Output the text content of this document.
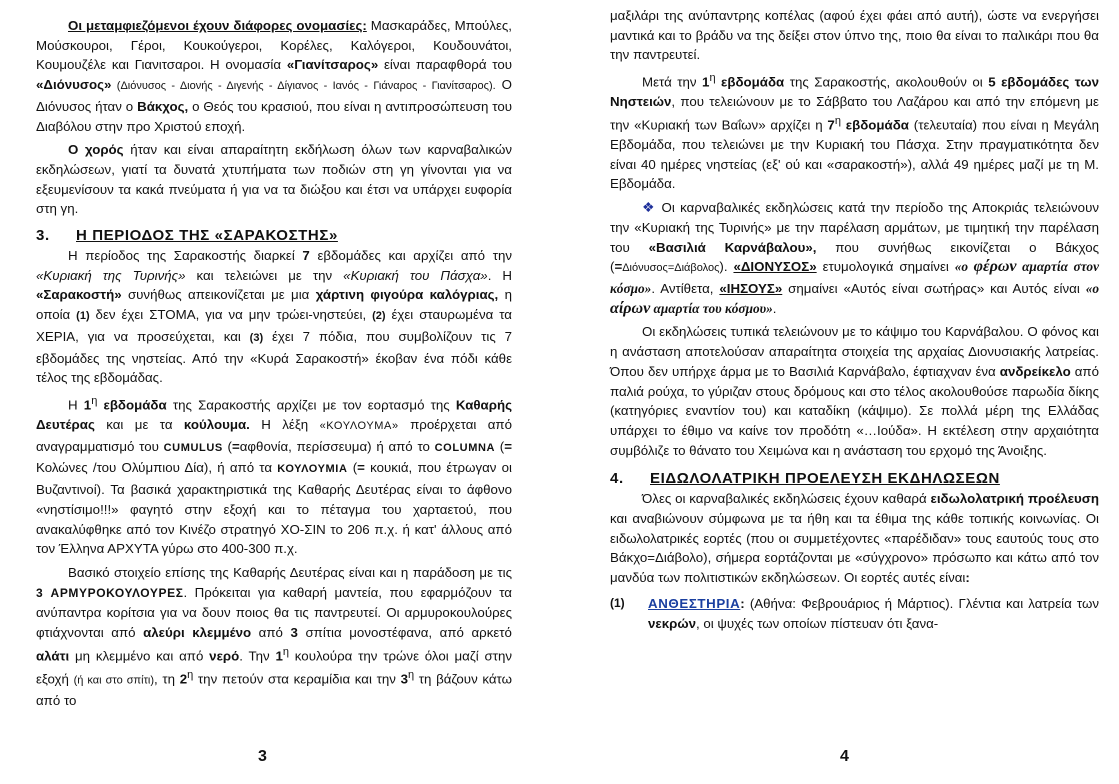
Οι μεταμφιεζόμενοι έχουν διάφορες ονομασίες: Μασκαράδες, Μπούλες, Μούσκουροι, Γέροι, Κουκούγεροι, Κορέλες, Καλόγεροι, Κουδουνάτοι, Κουμουζέλε και Γιανιτσαροι. Η ονομασία «Γιανίτσαρος» είναι παραφθορά του «Διόνυσος» (Διόνυσος - Διονής - Διγενής - Δίγιανος - Ιανός - Γιάναρος - Γιανίτσαρος). Ο Διόνυσος ήταν ο Βάκχος, ο Θεός του κρασιού, που είναι η αντιπροσώπευση του Διαβόλου στην προ Χριστού εποχή.

Ο χορός ήταν και είναι απαραίτητη εκδήλωση όλων των καρναβαλικών εκδηλώσεων, γιατί τα δυνατά χτυπήματα των ποδιών στη γη γίνονται για να εξευμενίσουν τα κακά πνεύματα ή για να τα διώξου και έτσι να υπάρχει ευφορία στη γη.

3. Η ΠΕΡΙΟΔΟΣ ΤΗΣ «ΣΑΡΑΚΟΣΤΗΣ»

Η περίοδος της Σαρακοστής διαρκεί 7 εβδομάδες και αρχίζει από την «Κυριακή της Τυρινής» και τελειώνει με την «Κυριακή του Πάσχα». Η «Σαρακοστή» συνήθως απεικονίζεται με μια χάρτινη φιγούρα καλόγριας, η οποία (1) δεν έχει ΣΤΟΜΑ, για να μην τρώει-νηστεύει, (2) έχει σταυρωμένα τα ΧΕΡΙΑ, για να προσεύχεται, και (3) έχει 7 πόδια, που συμβολίζουν τις 7 εβδομάδες της νηστείας. Από την «Κυρά Σαρακοστή» έκοβαν ένα πόδι κάθε τέλος της εβδομάδας.

Η $1^\eta$ εβδομάδα της Σαρακοστής αρχίζει με τον εορτασμό της Καθαρής Δευτέρας και με τα κούλουμα. Η λέξη «ΚΟΥΛΟΥΜΑ» προέρχεται από αναγραμματισμό του CUMULUS (=αφθονία, περίσσευμα) ή από το COLUMNA (= Κολώνες /του Ολύμπιου Δία), ή από τα ΚΟΥΛΟΥΜΙΑ (= κουκιά, που έτρωγαν οι Βυζαντινοί). Τα βασικά χαρακτηριστικά της Καθαρής Δευτέρας είναι το άφθονο «νηστίσιμο!!!» φαγητό στην εξοχή και το πέταγμα του χαρταετού, που ανακαλύφθηκε από τον Κινέζο στρατηγό ΧΟ-ΣΙΝ το 206 π.χ. ή κατ' άλλους από τον Έλληνα ΑΡΧΥΤΑ γύρω στο 400-300 π.χ.

Βασικό στοιχείο επίσης της Καθαρής Δευτέρας είναι και η παράδοση με τις 3 ΑΡΜΥΡΟΚΟΥΛΟΥΡΕΣ. Πρόκειται για καθαρή μαντεία, που εφαρμόζουν τα ανύπαντρα κορίτσια για να δουν ποιος θα τις παντρευτεί. Οι αρμυροκουλούρες φτιάχνονται από αλεύρι κλεμμένο από 3 σπίτια μονοστέφανα, από αρκετό αλάτι μη κλεμμένο και από νερό. Την $1^\eta$ κουλούρα την τρώνε όλοι μαζί στην εξοχή (ή και στο σπίτι), τη $2^\eta$ την πετούν στα κεραμίδια και την $3^\eta$ τη βάζουν κάτω από το

3

μαξιλάρι της ανύπαντρης κοπέλας (αφού έχει φάει από αυτή), ώστε να ενεργήσει μαντικά και το βράδυ να της δείξει στον ύπνο της, ποιο θα είναι το παλικάρι που θα την παντρευτεί.

Μετά την $1^\eta$ εβδομάδα της Σαρακοστής, ακολουθούν οι 5 εβδομάδες των Νηστειών, που τελειώνουν με το Σάββατο του Λαζάρου και από την επόμενη με την «Κυριακή των Βαΐων» αρχίζει η $7^\eta$ εβδομάδα (τελευταία) που είναι η Μεγάλη Εβδομάδα, που τελειώνει με την Κυριακή του Πάσχα. Στην πραγματικότητα δεν είναι 40 ημέρες νηστείας (εξ' ού και «σαρακοστή»), αλλά 49 ημέρες μαζί με τη Μ. Εβδομάδα.

❖ Οι καρναβαλικές εκδηλώσεις κατά την περίοδο της Αποκριάς τελειώνουν την «Κυριακή της Τυρινής» με την παρέλαση αρμάτων, με τιμητική την παρέλαση του «Βασιλιά Καρνάβαλου», που συνήθως εικονίζεται ο Βάκχος (=Διόνυσος=Διάβολος). «ΔΙΟΝΥΣΟΣ» ετυμολογικά σημαίνει «ο φέρων αμαρτία στον κόσμο». Αντίθετα, «ΙΗΣΟΥΣ» σημαίνει «Αυτός είναι σωτήρας» και Αυτός είναι «ο αίρων αμαρτία του κόσμου».

Οι εκδηλώσεις τυπικά τελειώνουν με το κάψιμο του Καρνάβαλου. Ο φόνος και η ανάσταση αποτελούσαν απαραίτητα στοιχεία της αρχαίας Διονυσιακής λατρείας. Όπου δεν υπήρχε άρμα με το Βασιλιά Καρνάβαλο, έφτιαχναν ένα ανδρείκελο από παλιά ρούχα, το γύριζαν στους δρόμους και στο τέλος ακολουθούσε παρωδία δίκης (κατηγόριες εναντίον του) και καταδίκη (κάψιμο). Σε πολλά μέρη της Ελλάδας υπάρχει το έθιμο να καίνε τον προδότη «…Ιούδα». Η εκτέλεση στην αρχαιότητα συμβόλιζε το θάνατο του Χειμώνα και η ανάσταση του ερχομό της Άνοιξης.

4. ΕΙΔΩΛΟΛΑΤΡΙΚΗ ΠΡΟΕΛΕΥΣΗ ΕΚΔΗΛΩΣΕΩΝ

Όλες οι καρναβαλικές εκδηλώσεις έχουν καθαρά ειδωλολατρική προέλευση και αναβιώνουν σύμφωνα με τα ήθη και τα έθιμα της κάθε τοπικής κοινωνίας. Οι ειδωλολατρικές εορτές (που οι συμμετέχοντες «παρέδιδαν» τους εαυτούς τους στο Βάκχο=Διάβολο), σήμερα εορτάζονται με «σύγχρονο» πρόσωπο και κάτω από τον μανδύα των πολιτιστικών εκδηλώσεων. Οι εορτές αυτές είναι:

(1)	ΑΝΘΕΣΤΗΡΙΑ: (Αθήνα: Φεβρουάριος ή Μάρτιος). Γλέντια και λατρεία των νεκρών, οι ψυχές των οποίων πίστευαν ότι ξανα-
4
